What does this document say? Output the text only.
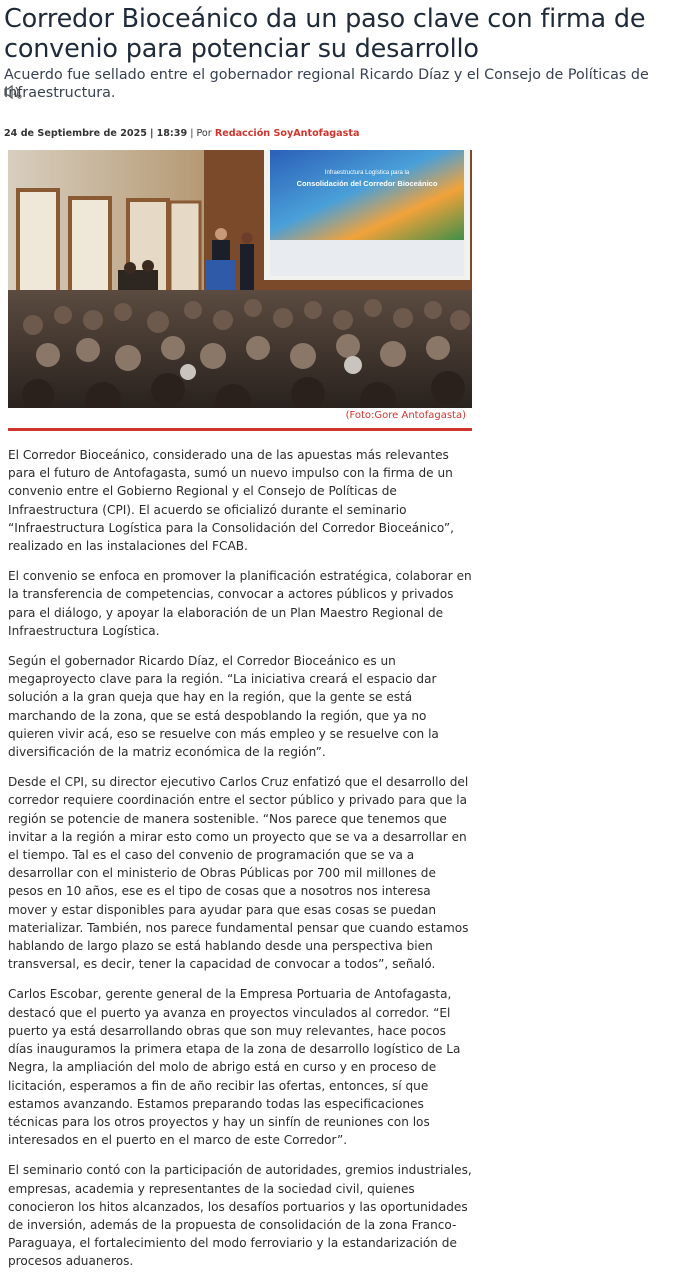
Corredor Bioceánico da un paso clave con firma de convenio para potenciar su desarrollo

Acuerdo fue sellado entre el gobernador regional Ricardo Díaz y el Consejo de Políticas de Infraestructura.

24 de Septiembre de 2025 | 18:39 | Por Redacción SoyAntofagasta
Infraestructura Logística para la
Consolidación del Corredor Bioceánico
(Foto:Gore Antofagasta)

El Corredor Bioceánico, considerado una de las apuestas más relevantes para el futuro de Antofagasta, sumó un nuevo impulso con la firma de un convenio entre el Gobierno Regional y el Consejo de Políticas de Infraestructura (CPI). El acuerdo se oficializó durante el seminario “Infraestructura Logística para la Consolidación del Corredor Bioceánico”, realizado en las instalaciones del FCAB.

El convenio se enfoca en promover la planificación estratégica, colaborar en la transferencia de competencias, convocar a actores públicos y privados para el diálogo, y apoyar la elaboración de un Plan Maestro Regional de Infraestructura Logística.

Según el gobernador Ricardo Díaz, el Corredor Bioceánico es un megaproyecto clave para la región. “La iniciativa creará el espacio dar solución a la gran queja que hay en la región, que la gente se está marchando de la zona, que se está despoblando la región, que ya no quieren vivir acá, eso se resuelve con más empleo y se resuelve con la diversificación de la matriz económica de la región”.

Desde el CPI, su director ejecutivo Carlos Cruz enfatizó que el desarrollo del corredor requiere coordinación entre el sector público y privado para que la región se potencie de manera sostenible. “Nos parece que tenemos que invitar a la región a mirar esto como un proyecto que se va a desarrollar en el tiempo. Tal es el caso del convenio de programación que se va a desarrollar con el ministerio de Obras Públicas por 700 mil millones de pesos en 10 años, ese es el tipo de cosas que a nosotros nos interesa mover y estar disponibles para ayudar para que esas cosas se puedan materializar. También, nos parece fundamental pensar que cuando estamos hablando de largo plazo se está hablando desde una perspectiva bien transversal, es decir, tener la capacidad de convocar a todos”, señaló.

Carlos Escobar, gerente general de la Empresa Portuaria de Antofagasta, destacó que el puerto ya avanza en proyectos vinculados al corredor. “El puerto ya está desarrollando obras que son muy relevantes, hace pocos días inauguramos la primera etapa de la zona de desarrollo logístico de La Negra, la ampliación del molo de abrigo está en curso y en proceso de licitación, esperamos a fin de año recibir las ofertas, entonces, sí que estamos avanzando. Estamos preparando todas las especificaciones técnicas para los otros proyectos y hay un sinfín de reuniones con los interesados en el puerto en el marco de este Corredor”.

El seminario contó con la participación de autoridades, gremios industriales, empresas, academia y representantes de la sociedad civil, quienes conocieron los hitos alcanzados, los desafíos portuarios y las oportunidades de inversión, además de la propuesta de consolidación de la zona Franco-Paraguaya, el fortalecimiento del modo ferroviario y la estandarización de procesos aduaneros.
